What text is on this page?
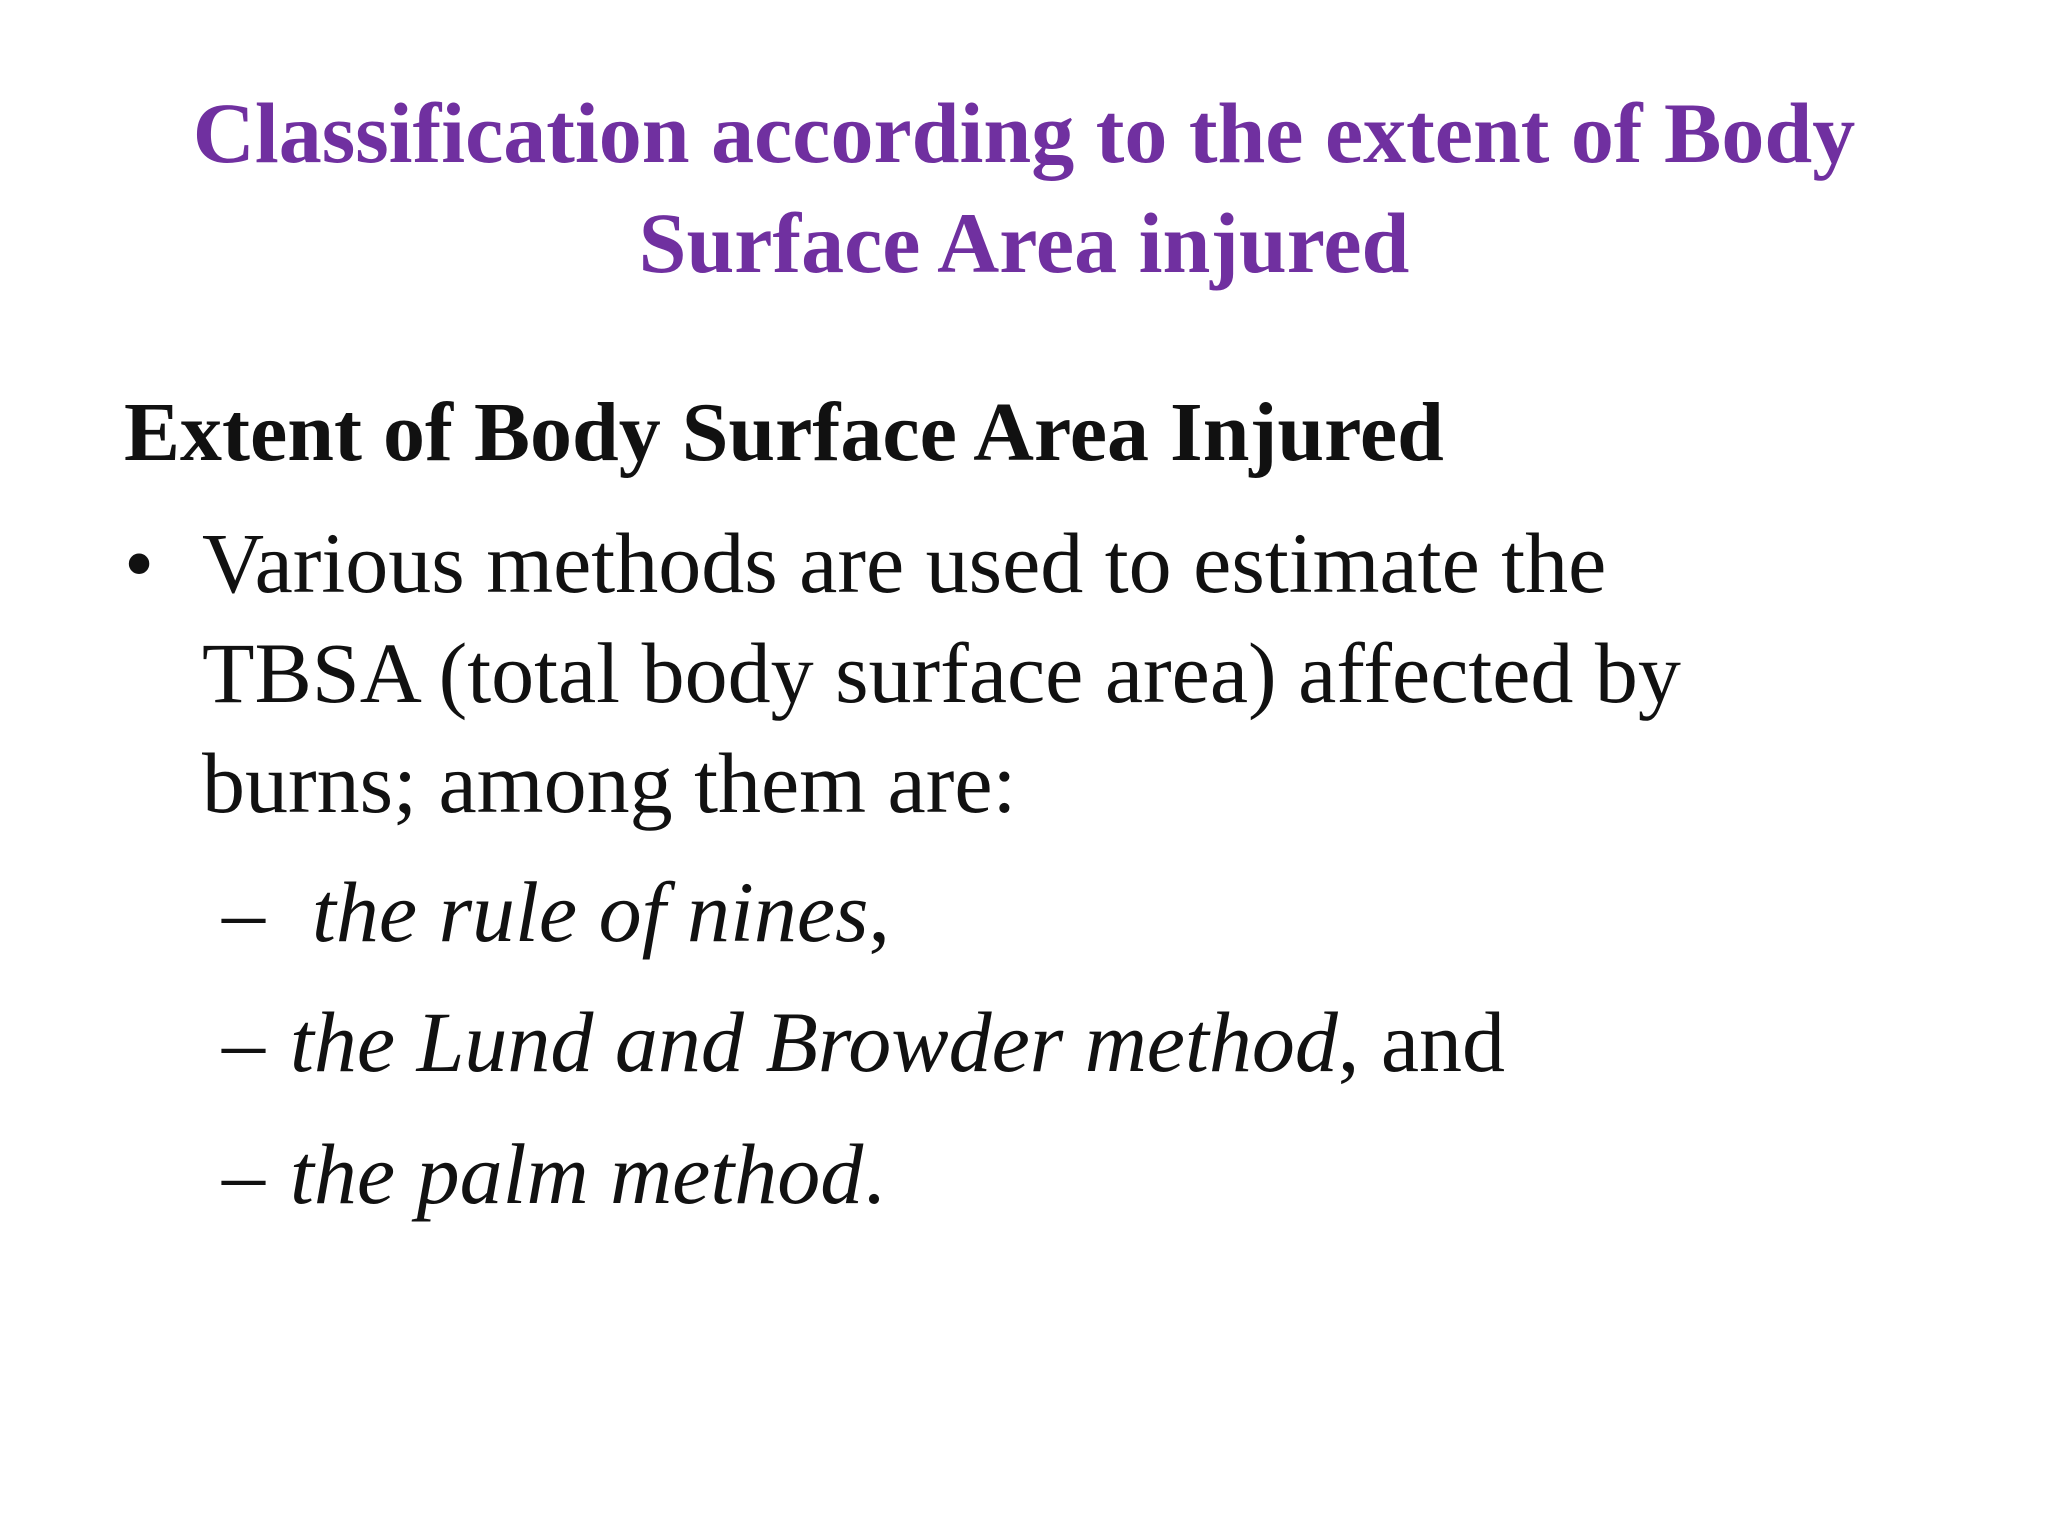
Classification according to the extent of Body
Surface Area injured
Extent of Body Surface Area Injured
• Various methods are used to estimate the
TBSA (total body surface area) affected by
burns; among them are:
– the rule of nines,
– the Lund and Browder method, and
– the palm method.
